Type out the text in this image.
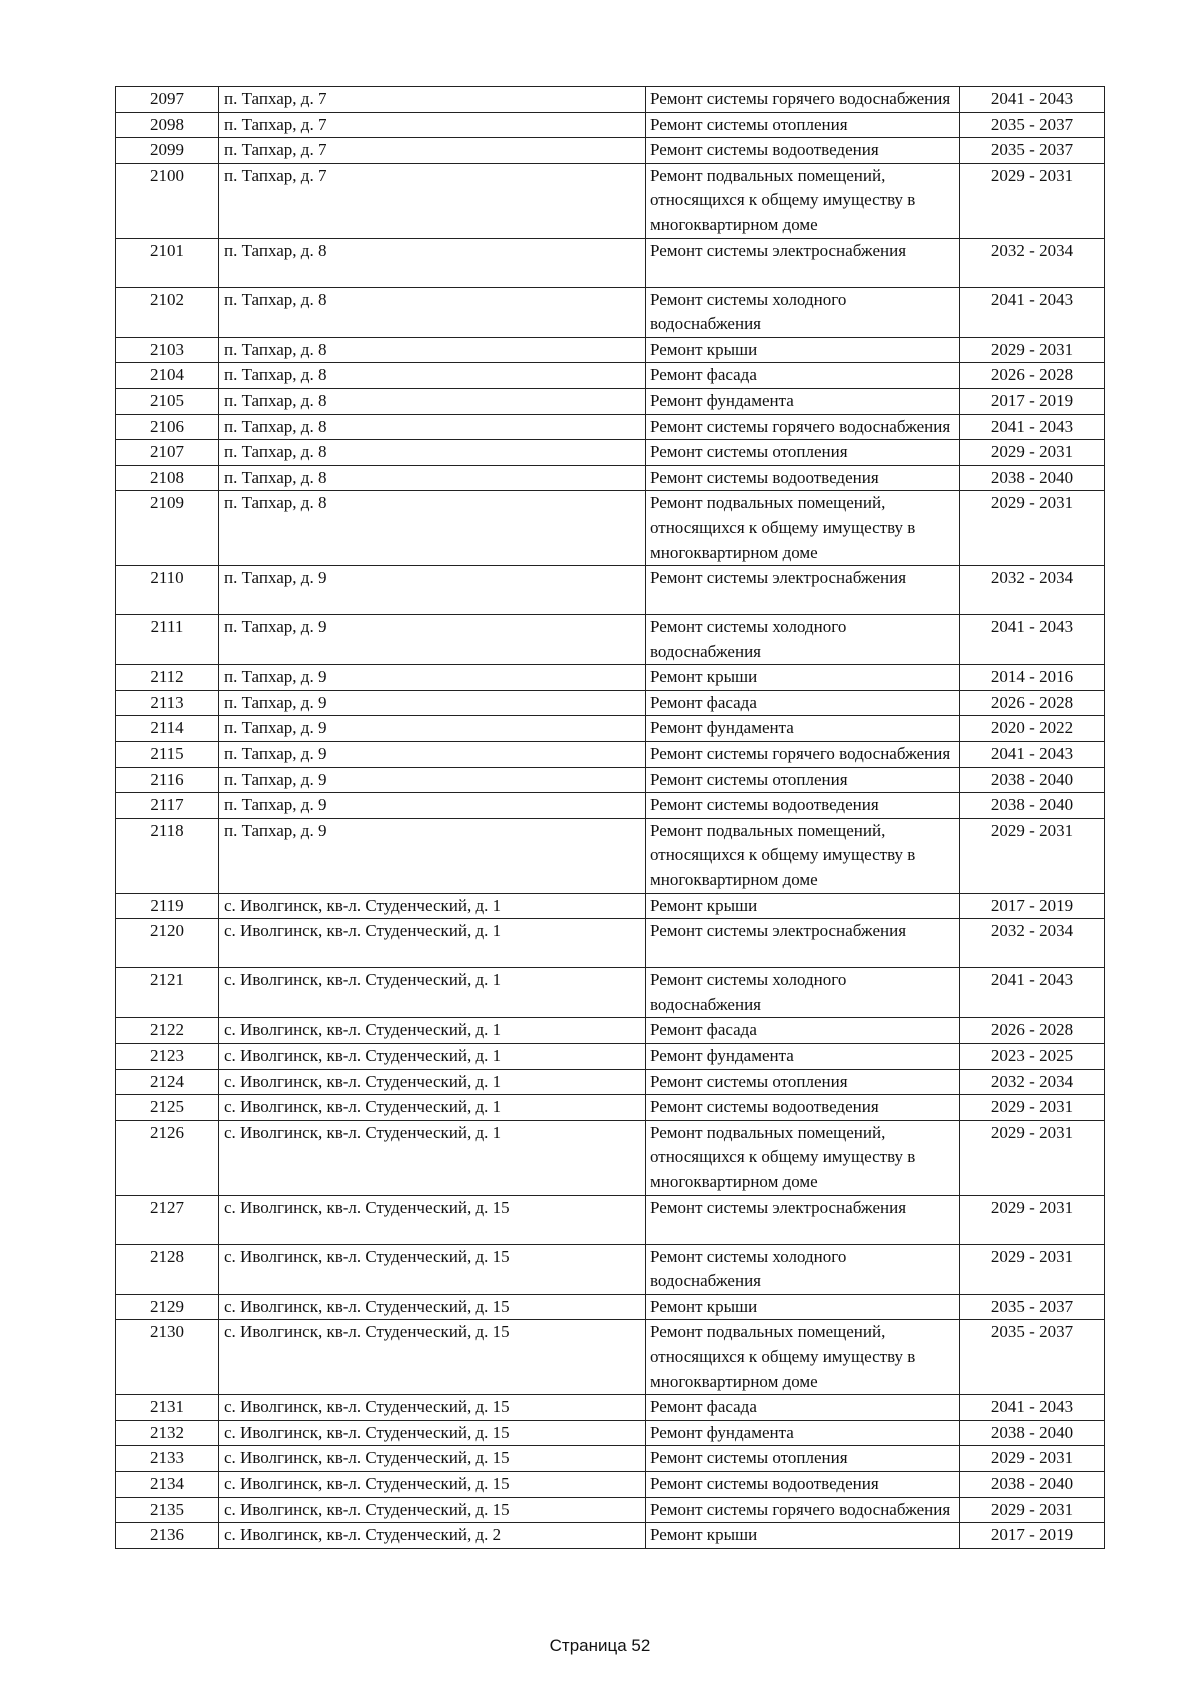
2097	п. Тапхар, д. 7	Ремонт системы горячего водоснабжения	2041 - 2043
2098	п. Тапхар, д. 7	Ремонт системы отопления	2035 - 2037
2099	п. Тапхар, д. 7	Ремонт системы водоотведения	2035 - 2037
2100	п. Тапхар, д. 7	Ремонт подвальных помещений, относящихся к общему имуществу в многоквартирном доме	2029 - 2031
2101	п. Тапхар, д. 8	Ремонт системы электроснабжения	2032 - 2034
2102	п. Тапхар, д. 8	Ремонт системы холодного водоснабжения	2041 - 2043
2103	п. Тапхар, д. 8	Ремонт крыши	2029 - 2031
2104	п. Тапхар, д. 8	Ремонт фасада	2026 - 2028
2105	п. Тапхар, д. 8	Ремонт фундамента	2017 - 2019
2106	п. Тапхар, д. 8	Ремонт системы горячего водоснабжения	2041 - 2043
2107	п. Тапхар, д. 8	Ремонт системы отопления	2029 - 2031
2108	п. Тапхар, д. 8	Ремонт системы водоотведения	2038 - 2040
2109	п. Тапхар, д. 8	Ремонт подвальных помещений, относящихся к общему имуществу в многоквартирном доме	2029 - 2031
2110	п. Тапхар, д. 9	Ремонт системы электроснабжения	2032 - 2034
2111	п. Тапхар, д. 9	Ремонт системы холодного водоснабжения	2041 - 2043
2112	п. Тапхар, д. 9	Ремонт крыши	2014 - 2016
2113	п. Тапхар, д. 9	Ремонт фасада	2026 - 2028
2114	п. Тапхар, д. 9	Ремонт фундамента	2020 - 2022
2115	п. Тапхар, д. 9	Ремонт системы горячего водоснабжения	2041 - 2043
2116	п. Тапхар, д. 9	Ремонт системы отопления	2038 - 2040
2117	п. Тапхар, д. 9	Ремонт системы водоотведения	2038 - 2040
2118	п. Тапхар, д. 9	Ремонт подвальных помещений, относящихся к общему имуществу в многоквартирном доме	2029 - 2031
2119	с. Иволгинск, кв-л. Студенческий, д. 1	Ремонт крыши	2017 - 2019
2120	с. Иволгинск, кв-л. Студенческий, д. 1	Ремонт системы электроснабжения	2032 - 2034
2121	с. Иволгинск, кв-л. Студенческий, д. 1	Ремонт системы холодного водоснабжения	2041 - 2043
2122	с. Иволгинск, кв-л. Студенческий, д. 1	Ремонт фасада	2026 - 2028
2123	с. Иволгинск, кв-л. Студенческий, д. 1	Ремонт фундамента	2023 - 2025
2124	с. Иволгинск, кв-л. Студенческий, д. 1	Ремонт системы отопления	2032 - 2034
2125	с. Иволгинск, кв-л. Студенческий, д. 1	Ремонт системы водоотведения	2029 - 2031
2126	с. Иволгинск, кв-л. Студенческий, д. 1	Ремонт подвальных помещений, относящихся к общему имуществу в многоквартирном доме	2029 - 2031
2127	с. Иволгинск, кв-л. Студенческий, д. 15	Ремонт системы электроснабжения	2029 - 2031
2128	с. Иволгинск, кв-л. Студенческий, д. 15	Ремонт системы холодного водоснабжения	2029 - 2031
2129	с. Иволгинск, кв-л. Студенческий, д. 15	Ремонт крыши	2035 - 2037
2130	с. Иволгинск, кв-л. Студенческий, д. 15	Ремонт подвальных помещений, относящихся к общему имуществу в многоквартирном доме	2035 - 2037
2131	с. Иволгинск, кв-л. Студенческий, д. 15	Ремонт фасада	2041 - 2043
2132	с. Иволгинск, кв-л. Студенческий, д. 15	Ремонт фундамента	2038 - 2040
2133	с. Иволгинск, кв-л. Студенческий, д. 15	Ремонт системы отопления	2029 - 2031
2134	с. Иволгинск, кв-л. Студенческий, д. 15	Ремонт системы водоотведения	2038 - 2040
2135	с. Иволгинск, кв-л. Студенческий, д. 15	Ремонт системы горячего водоснабжения	2029 - 2031
2136	с. Иволгинск, кв-л. Студенческий, д. 2	Ремонт крыши	2017 - 2019
Страница 52
